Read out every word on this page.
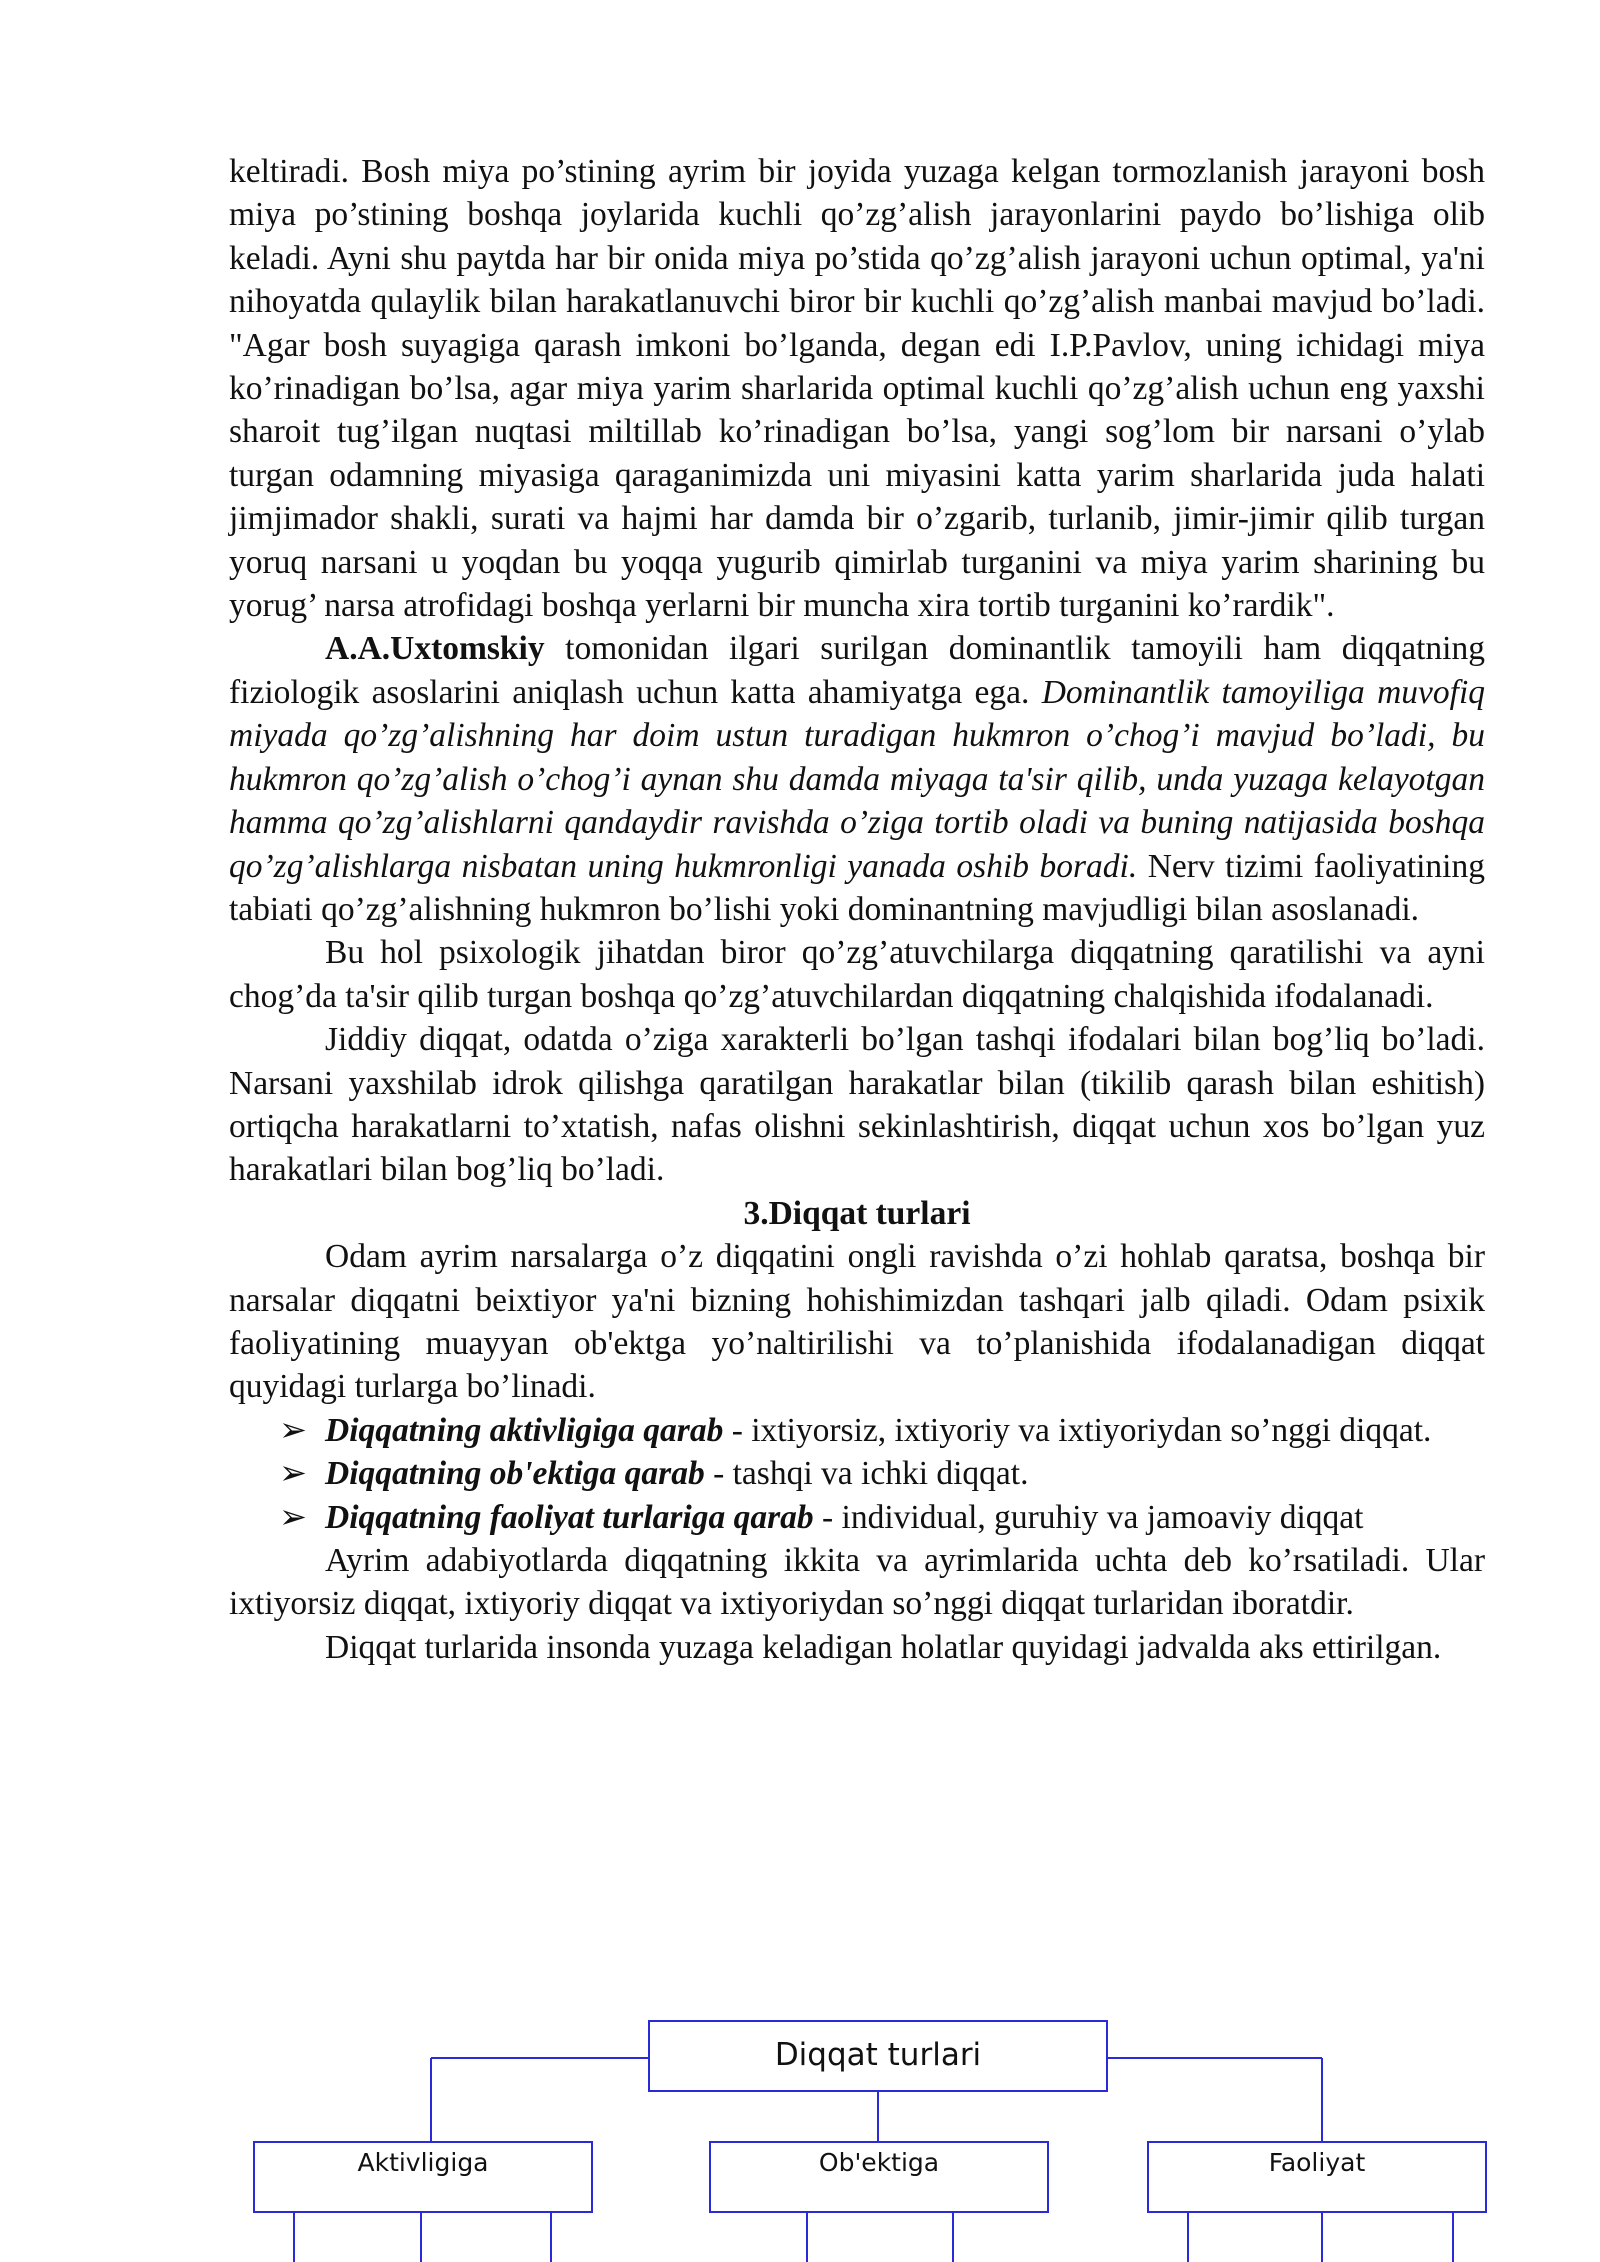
keltiradi. Bosh miya po’stining ayrim bir joyida yuzaga kelgan tormozlanish jarayoni bosh miya po’stining boshqa joylarida kuchli qo’zg’alish jarayonlarini paydo bo’lishiga olib keladi. Ayni shu paytda har bir onida miya po’stida qo’zg’alish jarayoni uchun optimal, ya'ni nihoyatda qulaylik bilan harakatlanuvchi biror bir kuchli qo’zg’alish manbai mavjud bo’ladi. "Agar bosh suyagiga qarash imkoni bo’lganda, degan edi I.P.Pavlov, uning ichidagi miya ko’rinadigan bo’lsa, agar miya yarim sharlarida optimal kuchli qo’zg’alish uchun eng yaxshi sharoit tug’ilgan nuqtasi miltillab ko’rinadigan bo’lsa, yangi sog’lom bir narsani o’ylab turgan odamning miyasiga qaraganimizda uni miyasini katta yarim sharlarida juda halati jimjimador shakli, surati va hajmi har damda bir o’zgarib, turlanib, jimir-jimir qilib turgan yoruq narsani u yoqdan bu yoqqa yugurib qimirlab turganini va miya yarim sharining bu yorug’ narsa atrofidagi boshqa yerlarni bir muncha xira tortib turganini ko’rardik".

A.A.Uxtomskiy tomonidan ilgari surilgan dominantlik tamoyili ham diqqatning fiziologik asoslarini aniqlash uchun katta ahamiyatga ega. Dominantlik tamoyiliga muvofiq miyada qo’zg’alishning har doim ustun turadigan hukmron o’chog’i mavjud bo’ladi, bu hukmron qo’zg’alish o’chog’i aynan shu damda miyaga ta'sir qilib, unda yuzaga kelayotgan hamma qo’zg’alishlarni qandaydir ravishda o’ziga tortib oladi va buning natijasida boshqa qo’zg’alishlarga nisbatan uning hukmronligi yanada oshib boradi. Nerv tizimi faoliyatining tabiati qo’zg’alishning hukmron bo’lishi yoki dominantning mavjudligi bilan asoslanadi.

Bu hol psixologik jihatdan biror qo’zg’atuvchilarga diqqatning qaratilishi va ayni chog’da ta'sir qilib turgan boshqa qo’zg’atuvchilardan diqqatning chalqishida ifodalanadi.

Jiddiy diqqat, odatda o’ziga xarakterli bo’lgan tashqi ifodalari bilan bog’liq bo’ladi. Narsani yaxshilab idrok qilishga qaratilgan harakatlar bilan (tikilib qarash bilan eshitish) ortiqcha harakatlarni to’xtatish, nafas olishni sekinlashtirish, diqqat uchun xos bo’lgan yuz harakatlari bilan bog’liq bo’ladi.

3.Diqqat turlari

Odam ayrim narsalarga o’z diqqatini ongli ravishda o’zi hohlab qaratsa, boshqa bir narsalar diqqatni beixtiyor ya'ni bizning hohishimizdan tashqari jalb qiladi. Odam psixik faoliyatining muayyan ob'ektga yo’naltirilishi va to’planishida ifodalanadigan diqqat quyidagi turlarga bo’linadi.

➢ Diqqatning aktivligiga qarab - ixtiyorsiz, ixtiyoriy va ixtiyoriydan so’nggi diqqat.
➢ Diqqatning ob'ektiga qarab - tashqi va ichki diqqat.
➢ Diqqatning faoliyat turlariga qarab - individual, guruhiy va jamoaviy diqqat

Ayrim adabiyotlarda diqqatning ikkita va ayrimlarida uchta deb ko’rsatiladi. Ular ixtiyorsiz diqqat, ixtiyoriy diqqat va ixtiyoriydan so’nggi diqqat turlaridan iboratdir.

Diqqat turlarida insonda yuzaga keladigan holatlar quyidagi jadvalda aks ettirilgan.

Diqqat turlari
Aktivligiga	Ob'ektiga	Faoliyat
